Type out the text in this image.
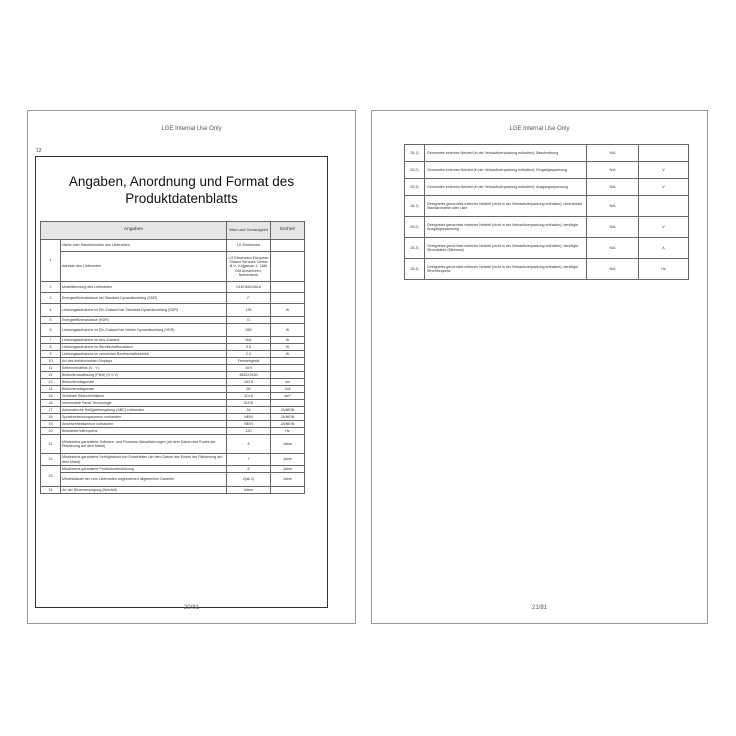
LGE Internal Use Only
12
Angaben, Anordnung und Format des
Produktdatenblatts
Angaben		Wert und Genauigkeit	Einheit
1	Name oder Handelsmarke des Lieferanten	LG Electronics	
	Adresse des Lieferanten	LG Electronics European Shared Services Center B.V., Krijgsman 1, 1186 DM Amstelveen, Netherlands	
2	Modellkennung des Lieferanten	OLED65G48LA	
3	Energieeffizienzklasse bei Standard-Dynamikumfang (SDR)	F	
4	Leistungsaufnahme im Ein-Zustand bei Standard-Dynamikumfang (SDR)	135	W
5	Energieeffizienzklasse (HDR)	G	
6	Leistungsaufnahme im Ein-Zustand bei hohem Dynamikumfang (HDR)	265	W
7	Leistungsaufnahme im Aus-Zustand	N/A	W
8	Leistungsaufnahme im Bereitschaftszustand	0.5	W
9	Leistungsaufnahme im vernetzten Bereitschaftsbetrieb	2.0	W
10	Art des elektronischen Displays	Fernsehgerät	
11	Seitenverhältnis (X : Y)	16:9	
12	Bildschirmauflösung (Pixel) (H X V)	3840X2160	
13	Bildschirmdiagonale	163.9	cm
14	Bildschirmdiagonale	65	Zoll
15	Sichtbare Bildschirmfläche	114.8	dm²
16	Verwendete Panel-Technologie	OLED	
17	Automatische Helligkeitsregelung (ABC) vorhanden	JA	JA/NEIN
18	Spracherkennungssensor vorhanden	NEIN	JA/NEIN
19	Anwesenheitssensor vorhanden	NEIN	JA/NEIN
20	Bildwiederholfrequenz	120	Hz
21	Mindestens garantierte Software- und Firmware-Aktualisierungen (ab dem Datum des Endes der Platzierung auf dem Markt)	8	Jahre
22	Mindestens garantierte Verfügbarkeit von Ersatzteilen (ab dem Datum des Endes der Platzierung auf dem Markt)	7	Jahre
23	Mindestens garantierte Produktunterstützung	8	Jahre
	Mindestdauer der vom Lieferanten angebotenen allgemeinen Garantie	2(ab 1)	Jahre
24	Art der Stromversorgung (Netzteil)	Intern	
20/81
LGE Internal Use Only
25.1)	Genormtes externes Netzteil (in der Verkaufsverpackung enthalten): Beschreibung	N/A	
25.2)	Genormtes externes Netzteil (in der Verkaufsverpackung enthalten): Eingangsspannung	N/A	V
25.3)	Genormtes externes Netzteil (in der Verkaufsverpackung enthalten): Ausgangsspannung	N/A	V
26.1)	Geeignetes genormtes externes Netzteil (nicht in der Verkaufsverpackung enthalten); unterstützte Standardname oder Liste	N/A	
26.2)	Geeignetes genormtes externes Netzteil (nicht in der Verkaufsverpackung enthalten); benötigte Ausgangsspannung	N/A	V
26.3)	Geeignetes genormtes externes Netzteil (nicht in der Verkaufsverpackung enthalten); benötigte Stromstärke (Minimum)	N/A	A
26.4)	Geeignetes genormtes externes Netzteil (nicht in der Verkaufsverpackung enthalten); benötigte Stromfrequenz	N/A	Hz
21/81
